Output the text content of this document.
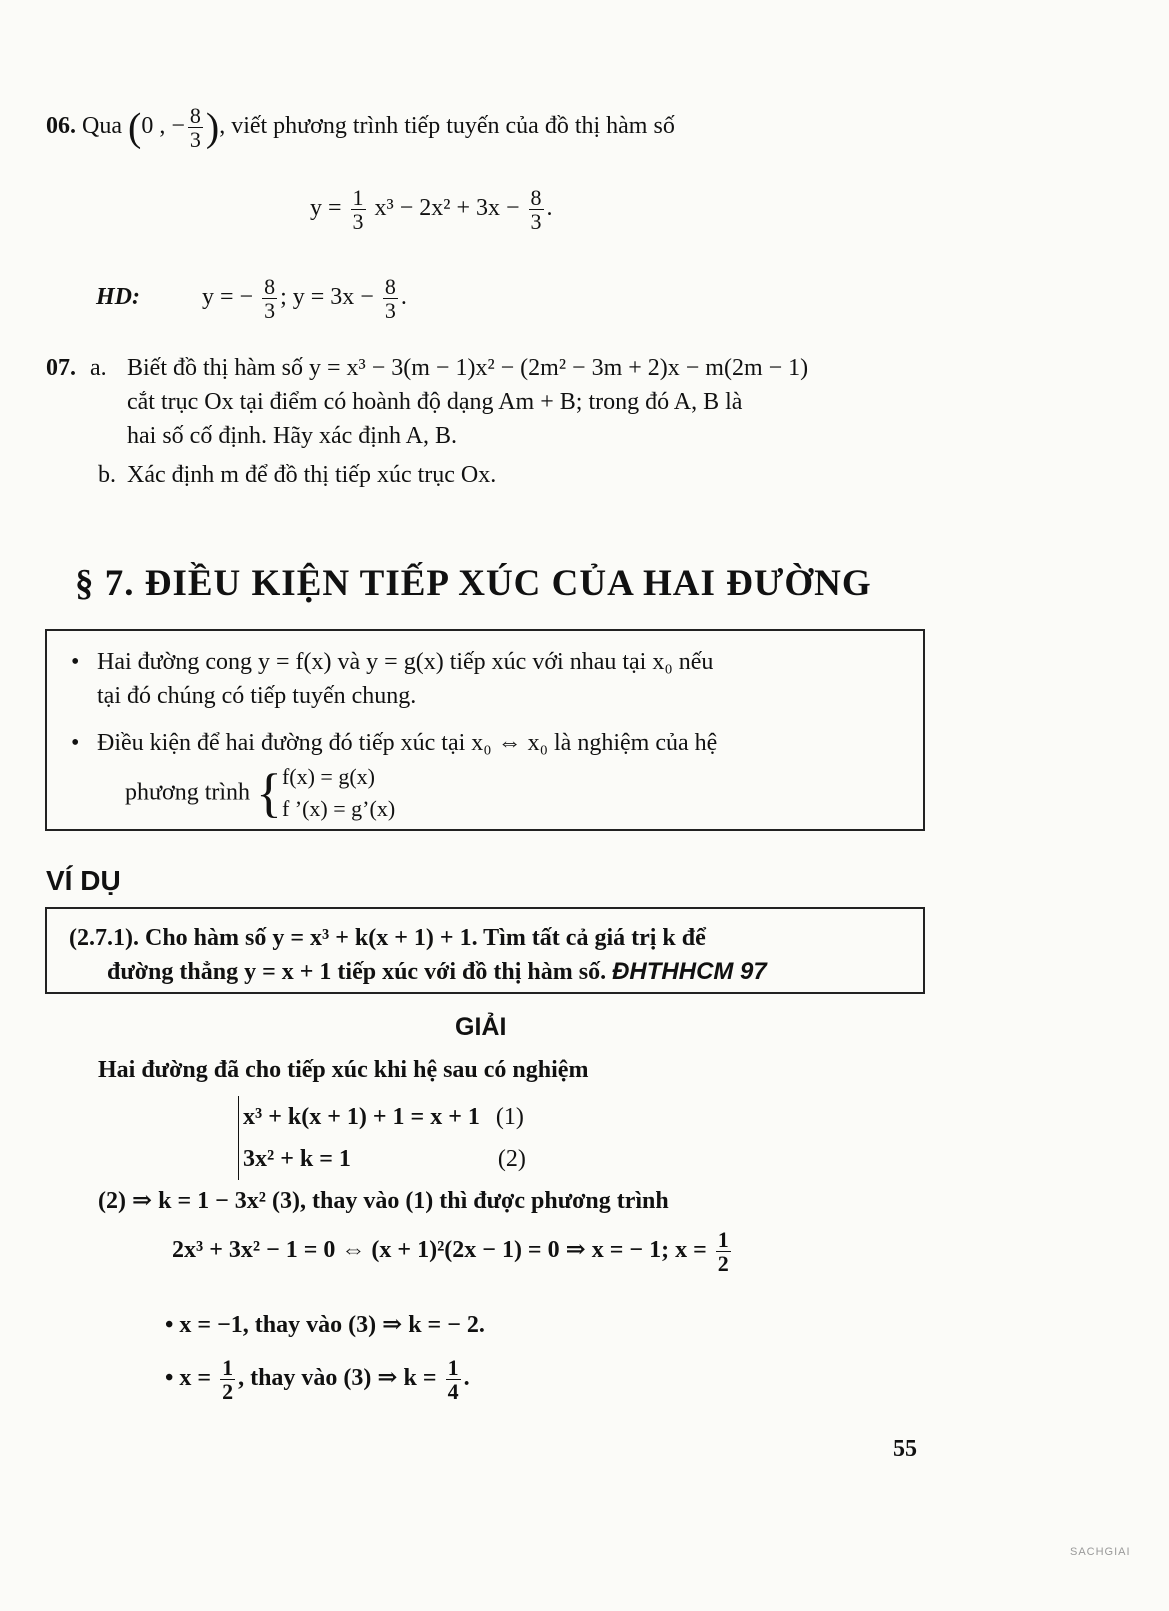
06. Qua (0 , − $\frac{8}{3}$ ), viết phương trình tiếp tuyến của đồ thị hàm số
$y = \frac{1}{3} x^3 - 2x^2 + 3x - \frac{8}{3}$ .
HD:	y = − $\frac{8}{3}$ ; $y = 3x - \frac{8}{3}$ .
07. a. Biết đồ thị hàm số y = x³ − 3(m − 1)x² − (2m² − 3m + 2)x − m(2m − 1)
cắt trục Ox tại điểm có hoành độ dạng Am + B; trong đó A, B là
hai số cố định. Hãy xác định A, B.
b. Xác định m để đồ thị tiếp xúc trục Ox.
§ 7. ĐIỀU KIỆN TIẾP XÚC CỦA HAI ĐƯỜNG
• Hai đường cong y = f(x) và y = g(x) tiếp xúc với nhau tại x₀ nếu
tại đó chúng có tiếp tuyến chung.
• Điều kiện để hai đường đó tiếp xúc tại x₀ ⇔ x₀ là nghiệm của hệ
phương trình { f(x) = g(x)
f ’(x) = g’(x)
VÍ DỤ
(2.7.1). Cho hàm số y = x³ + k(x + 1) + 1. Tìm tất cả giá trị k để
đường thẳng y = x + 1 tiếp xúc với đồ thị hàm số. ĐHTHHCM 97
GIẢI
Hai đường đã cho tiếp xúc khi hệ sau có nghiệm
x³ + k(x + 1) + 1 = x + 1 (1)
3x² + k = 1	(2)
(2) ⇒ k = 1 − 3x² (3), thay vào (1) thì được phương trình
2x³ + 3x² − 1 = 0 ⇔ (x + 1)²(2x − 1) = 0 ⇒ x = − 1; $x = \frac{1}{2}$
• x = −1, thay vào (3) ⇒ k = − 2.
• $x = \frac{1}{2}$ , thay vào (3) ⇒ $k = \frac{1}{4}$ .
55
SACHGIAI
